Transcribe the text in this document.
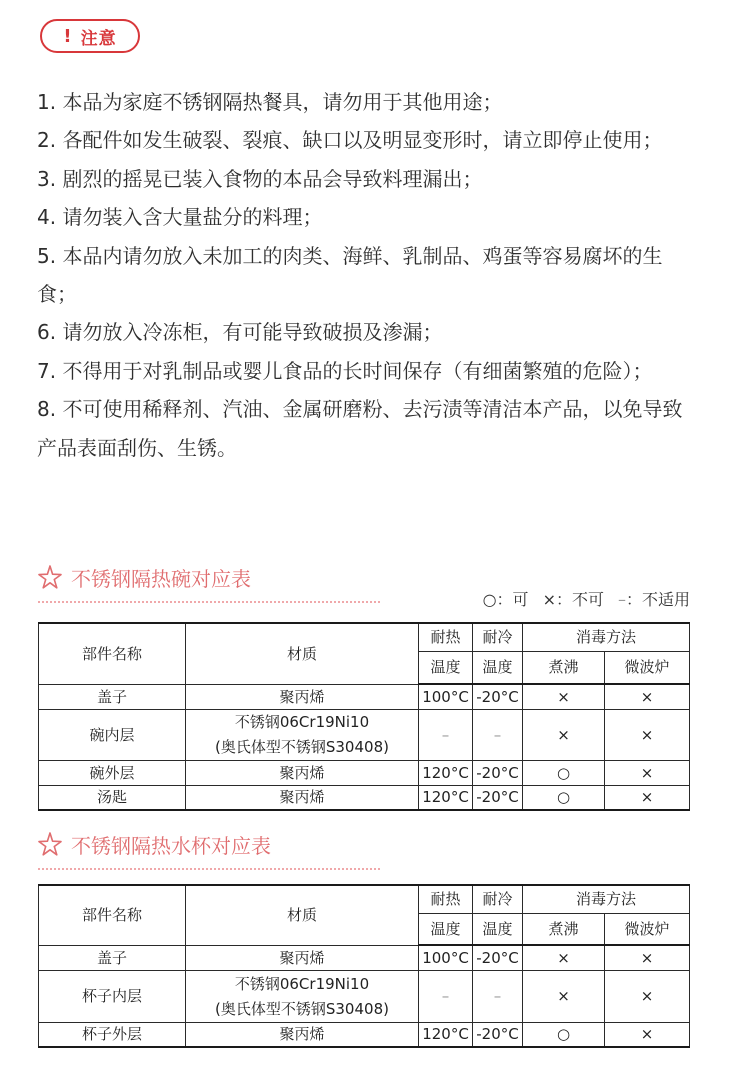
! 注意

1. 本品为家庭不锈钢隔热餐具，请勿用于其他用途；

2. 各配件如发生破裂、裂痕、缺口以及明显变形时，请立即停止使用；

3. 剧烈的摇晃已装入食物的本品会导致料理漏出；

4. 请勿装入含大量盐分的料理；

5. 本品内请勿放入未加工的肉类、海鲜、乳制品、鸡蛋等容易腐坏的生食；

6. 请勿放入冷冻柜，有可能导致破损及渗漏；

7. 不得用于对乳制品或婴儿食品的长时间保存（有细菌繁殖的危险）；

8. 不可使用稀释剂、汽油、金属研磨粉、去污渍等清洁本产品，以免导致产品表面刮伤、生锈。

不锈钢隔热碗对应表
○：可 ×：不可 –：不适用
部件名称	材质	耐热	耐冷	消毒方法	
		温度	温度	煮沸	微波炉
盖子	聚丙烯	100°C	-20°C	×	×
碗内层	不锈钢06Cr19Ni10
(奥氏体型不锈钢S30408)	–	–	×	×
碗外层	聚丙烯	120°C	-20°C	○	×
汤匙	聚丙烯	120°C	-20°C	○	×
不锈钢隔热水杯对应表
部件名称	材质	耐热	耐冷	消毒方法	
		温度	温度	煮沸	微波炉
盖子	聚丙烯	100°C	-20°C	×	×
杯子内层	不锈钢06Cr19Ni10
(奥氏体型不锈钢S30408)	–	–	×	×
杯子外层	聚丙烯	120°C	-20°C	○	×
